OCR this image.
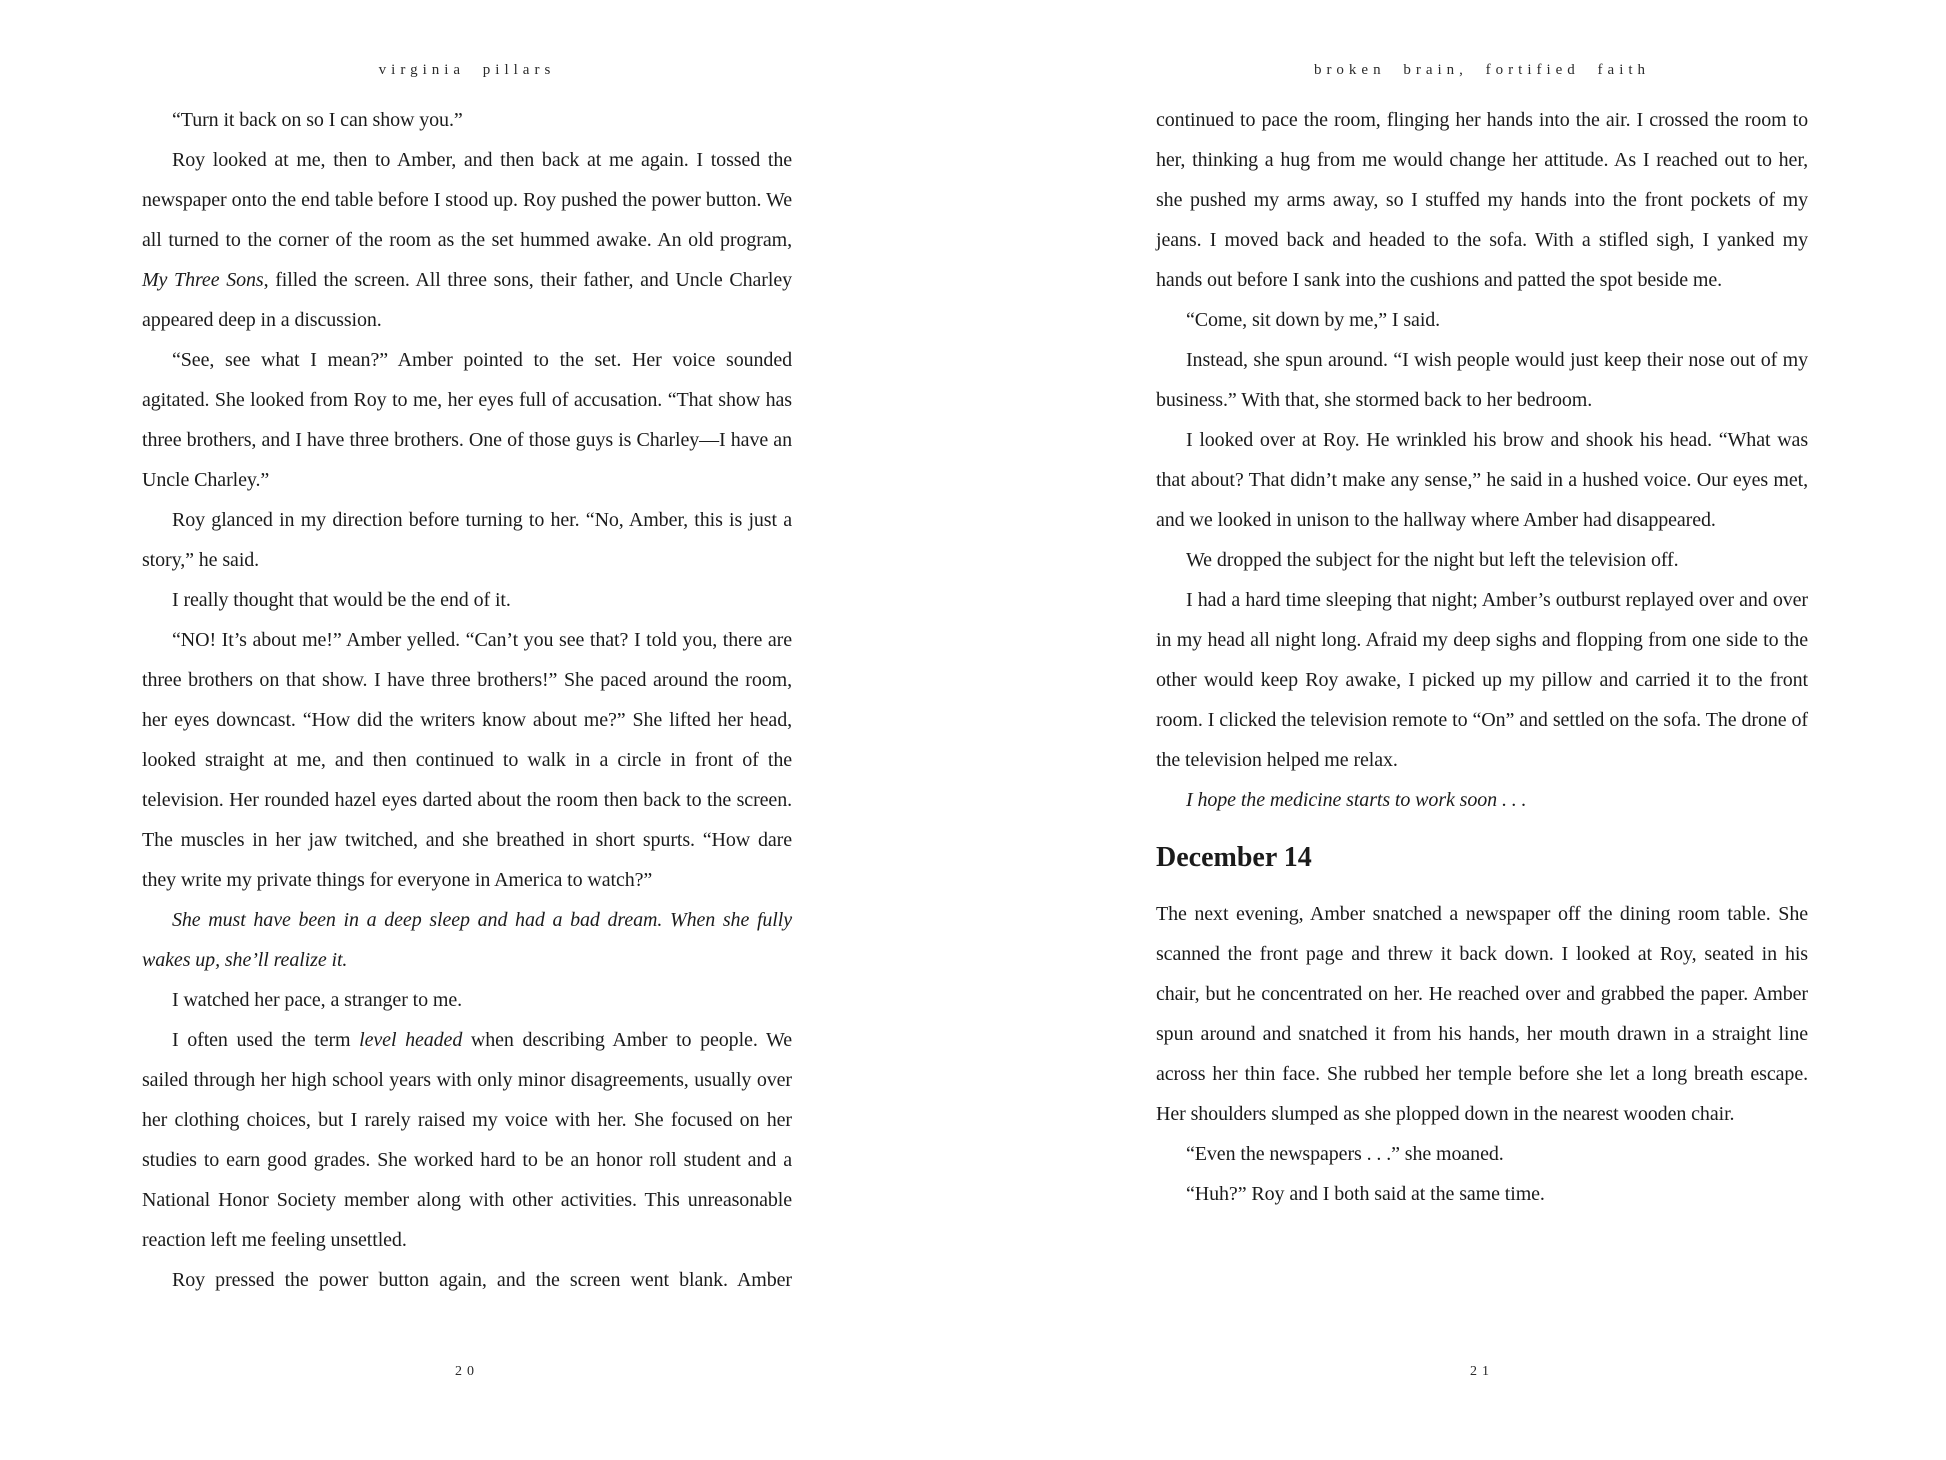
virginia pillars

“Turn it back on so I can show you.”

Roy looked at me, then to Amber, and then back at me again. I tossed the newspaper onto the end table before I stood up. Roy pushed the power button. We all turned to the corner of the room as the set hummed awake. An old program, My Three Sons, filled the screen. All three sons, their father, and Uncle Charley appeared deep in a discussion.

“See, see what I mean?” Amber pointed to the set. Her voice sounded agitated. She looked from Roy to me, her eyes full of accusation. “That show has three brothers, and I have three brothers. One of those guys is Charley—I have an Uncle Charley.”

Roy glanced in my direction before turning to her. “No, Amber, this is just a story,” he said.

I really thought that would be the end of it.

“NO! It’s about me!” Amber yelled. “Can’t you see that? I told you, there are three brothers on that show. I have three brothers!” She paced around the room, her eyes downcast. “How did the writers know about me?” She lifted her head, looked straight at me, and then continued to walk in a circle in front of the television. Her rounded hazel eyes darted about the room then back to the screen. The muscles in her jaw twitched, and she breathed in short spurts. “How dare they write my private things for everyone in America to watch?”

She must have been in a deep sleep and had a bad dream. When she fully wakes up, she’ll realize it.

I watched her pace, a stranger to me.

I often used the term level headed when describing Amber to people. We sailed through her high school years with only minor disagreements, usually over her clothing choices, but I rarely raised my voice with her. She focused on her studies to earn good grades. She worked hard to be an honor roll student and a National Honor Society member along with other activities. This unreasonable reaction left me feeling unsettled.

Roy pressed the power button again, and the screen went blank. Amber

20
broken brain, fortified faith

continued to pace the room, flinging her hands into the air. I crossed the room to her, thinking a hug from me would change her attitude. As I reached out to her, she pushed my arms away, so I stuffed my hands into the front pockets of my jeans. I moved back and headed to the sofa. With a stifled sigh, I yanked my hands out before I sank into the cushions and patted the spot beside me.

“Come, sit down by me,” I said.

Instead, she spun around. “I wish people would just keep their nose out of my business.” With that, she stormed back to her bedroom.

I looked over at Roy. He wrinkled his brow and shook his head. “What was that about? That didn’t make any sense,” he said in a hushed voice. Our eyes met, and we looked in unison to the hallway where Amber had disappeared.

We dropped the subject for the night but left the television off.

I had a hard time sleeping that night; Amber’s outburst replayed over and over in my head all night long. Afraid my deep sighs and flopping from one side to the other would keep Roy awake, I picked up my pillow and carried it to the front room. I clicked the television remote to “On” and settled on the sofa. The drone of the television helped me relax.

I hope the medicine starts to work soon . . .

December 14

The next evening, Amber snatched a newspaper off the dining room table. She scanned the front page and threw it back down. I looked at Roy, seated in his chair, but he concentrated on her. He reached over and grabbed the paper. Amber spun around and snatched it from his hands, her mouth drawn in a straight line across her thin face. She rubbed her temple before she let a long breath escape. Her shoulders slumped as she plopped down in the nearest wooden chair.

“Even the newspapers . . .” she moaned.

“Huh?” Roy and I both said at the same time.

21
